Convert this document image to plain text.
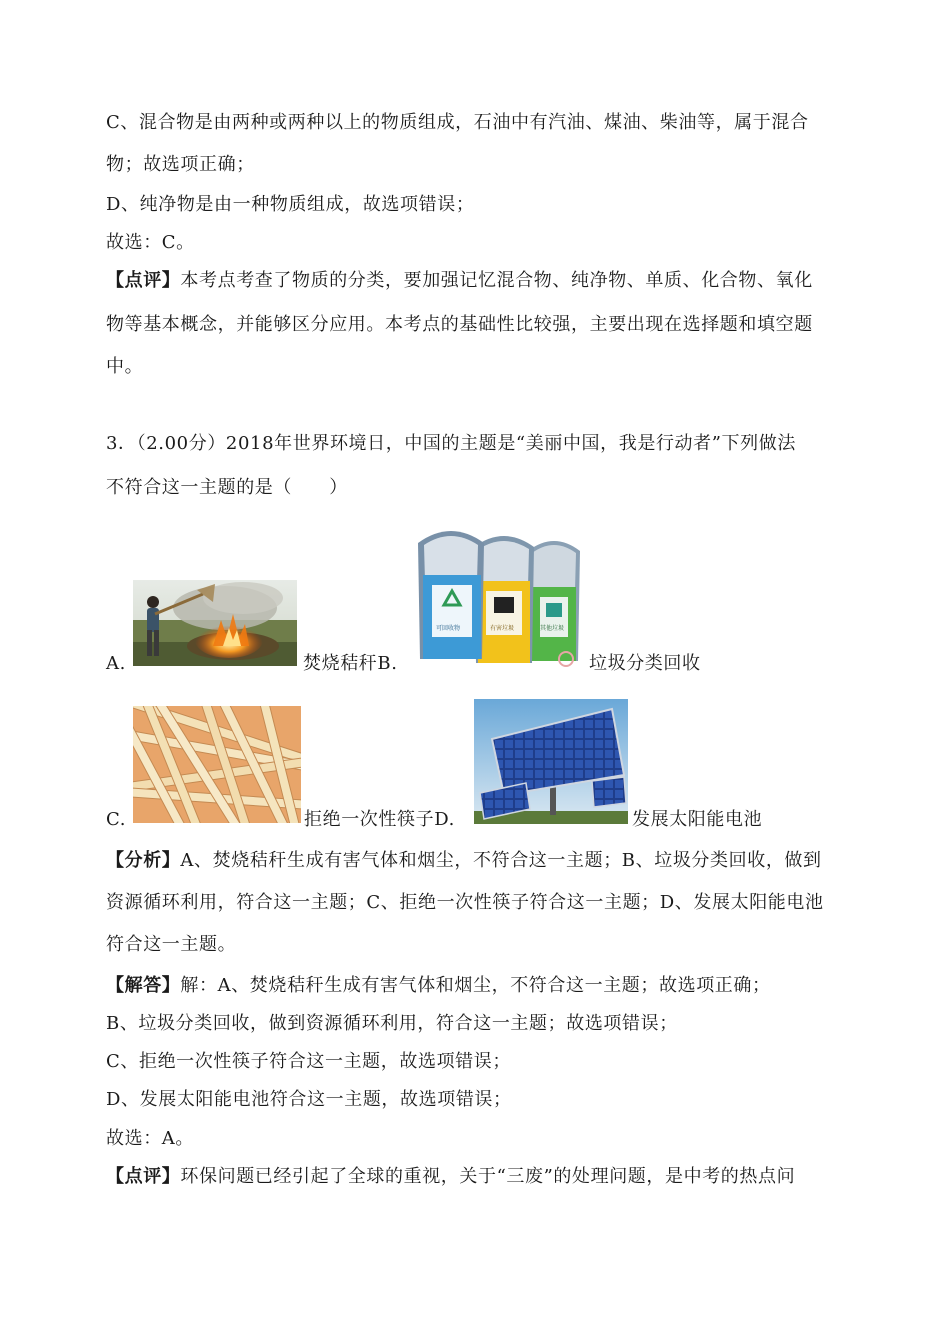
C、混合物是由两种或两种以上的物质组成，石油中有汽油、煤油、柴油等，属于混合
物；故选项正确；
D、纯净物是由一种物质组成，故选项错误；
故选：C。
【点评】本考点考查了物质的分类，要加强记忆混合物、纯净物、单质、化合物、氧化
物等基本概念，并能够区分应用。本考点的基础性比较强，主要出现在选择题和填空题
中。
3．（2.00分）2018年世界环境日，中国的主题是“美丽中国，我是行动者”下列做法
不符合这一主题的是（　　）
A.	焚烧秸秆B.
可回收物	有害垃圾	其他垃圾
垃圾分类回收
C.	拒绝一次性筷子D.	发展太阳能电池
【分析】A、焚烧秸秆生成有害气体和烟尘，不符合这一主题；B、垃圾分类回收，做到
资源循环利用，符合这一主题；C、拒绝一次性筷子符合这一主题；D、发展太阳能电池
符合这一主题。
【解答】解：A、焚烧秸秆生成有害气体和烟尘，不符合这一主题；故选项正确；
B、垃圾分类回收，做到资源循环利用，符合这一主题；故选项错误；
C、拒绝一次性筷子符合这一主题，故选项错误；
D、发展太阳能电池符合这一主题，故选项错误；
故选：A。
【点评】环保问题已经引起了全球的重视，关于“三废”的处理问题，是中考的热点问
